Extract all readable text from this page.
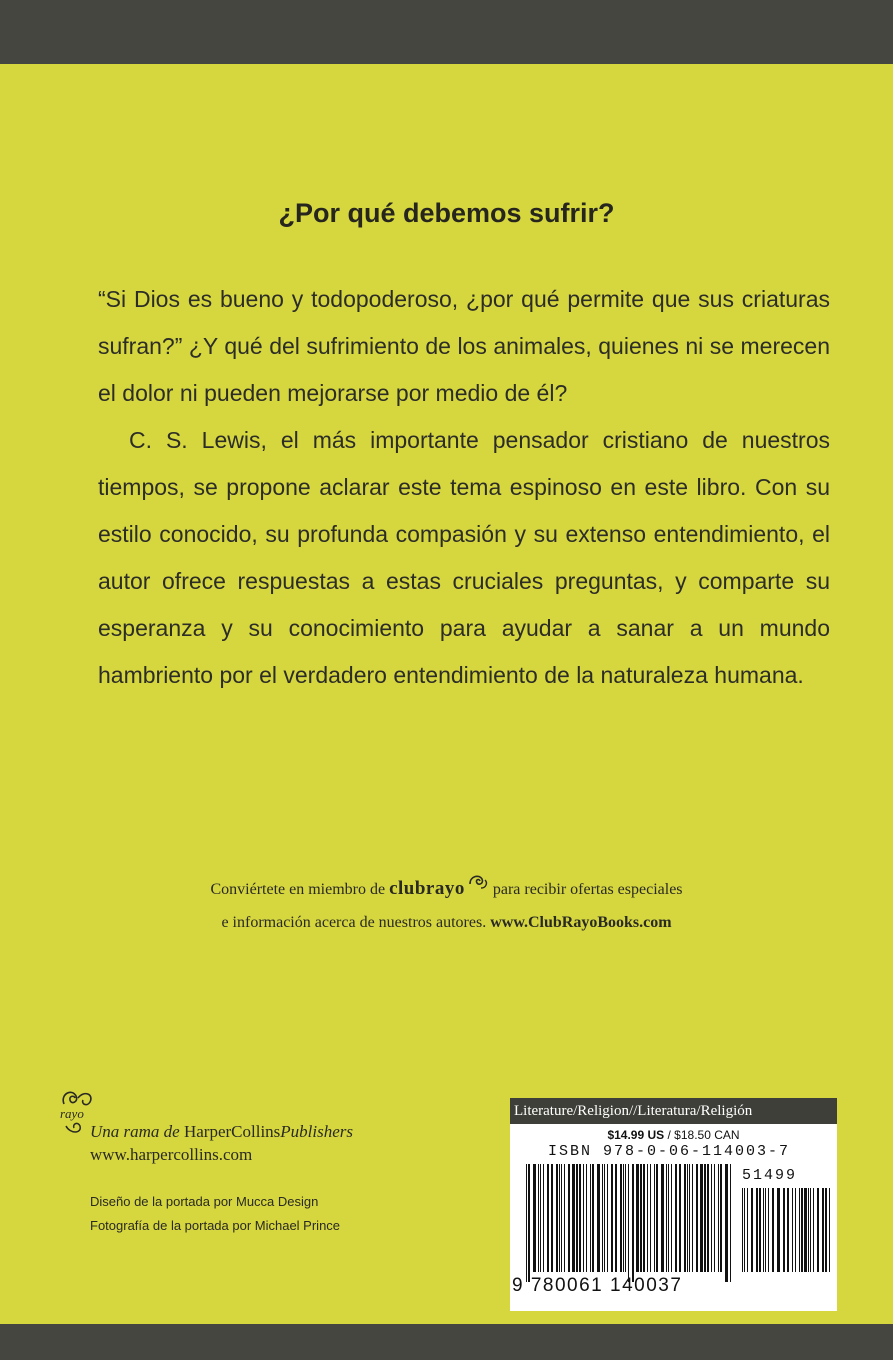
¿Por qué debemos sufrir?

“Si Dios es bueno y todopoderoso, ¿por qué permite que sus criaturas sufran?” ¿Y qué del sufrimiento de los animales, quienes ni se merecen el dolor ni pueden mejorarse por medio de él?

C. S. Lewis, el más importante pensador cristiano de nuestros tiempos, se propone aclarar este tema espinoso en este libro. Con su estilo conocido, su profunda compasión y su extenso entendimiento, el autor ofrece respuestas a estas cruciales preguntas, y comparte su esperanza y su conocimiento para ayudar a sanar a un mundo hambriento por el verdadero entendimiento de la naturaleza humana.

Conviértete en miembro de clubrayo para recibir ofertas especiales
e información acerca de nuestros autores. www.ClubRayoBooks.com
rayo
Una rama de HarperCollinsPublishers
www.harpercollins.com
Diseño de la portada por Mucca Design
Fotografía de la portada por Michael Prince
Literature/Religion//Literatura/Religión
$14.99 US / $18.50 CAN
ISBN 978-0-06-114003-7
51499
9 780061 140037
